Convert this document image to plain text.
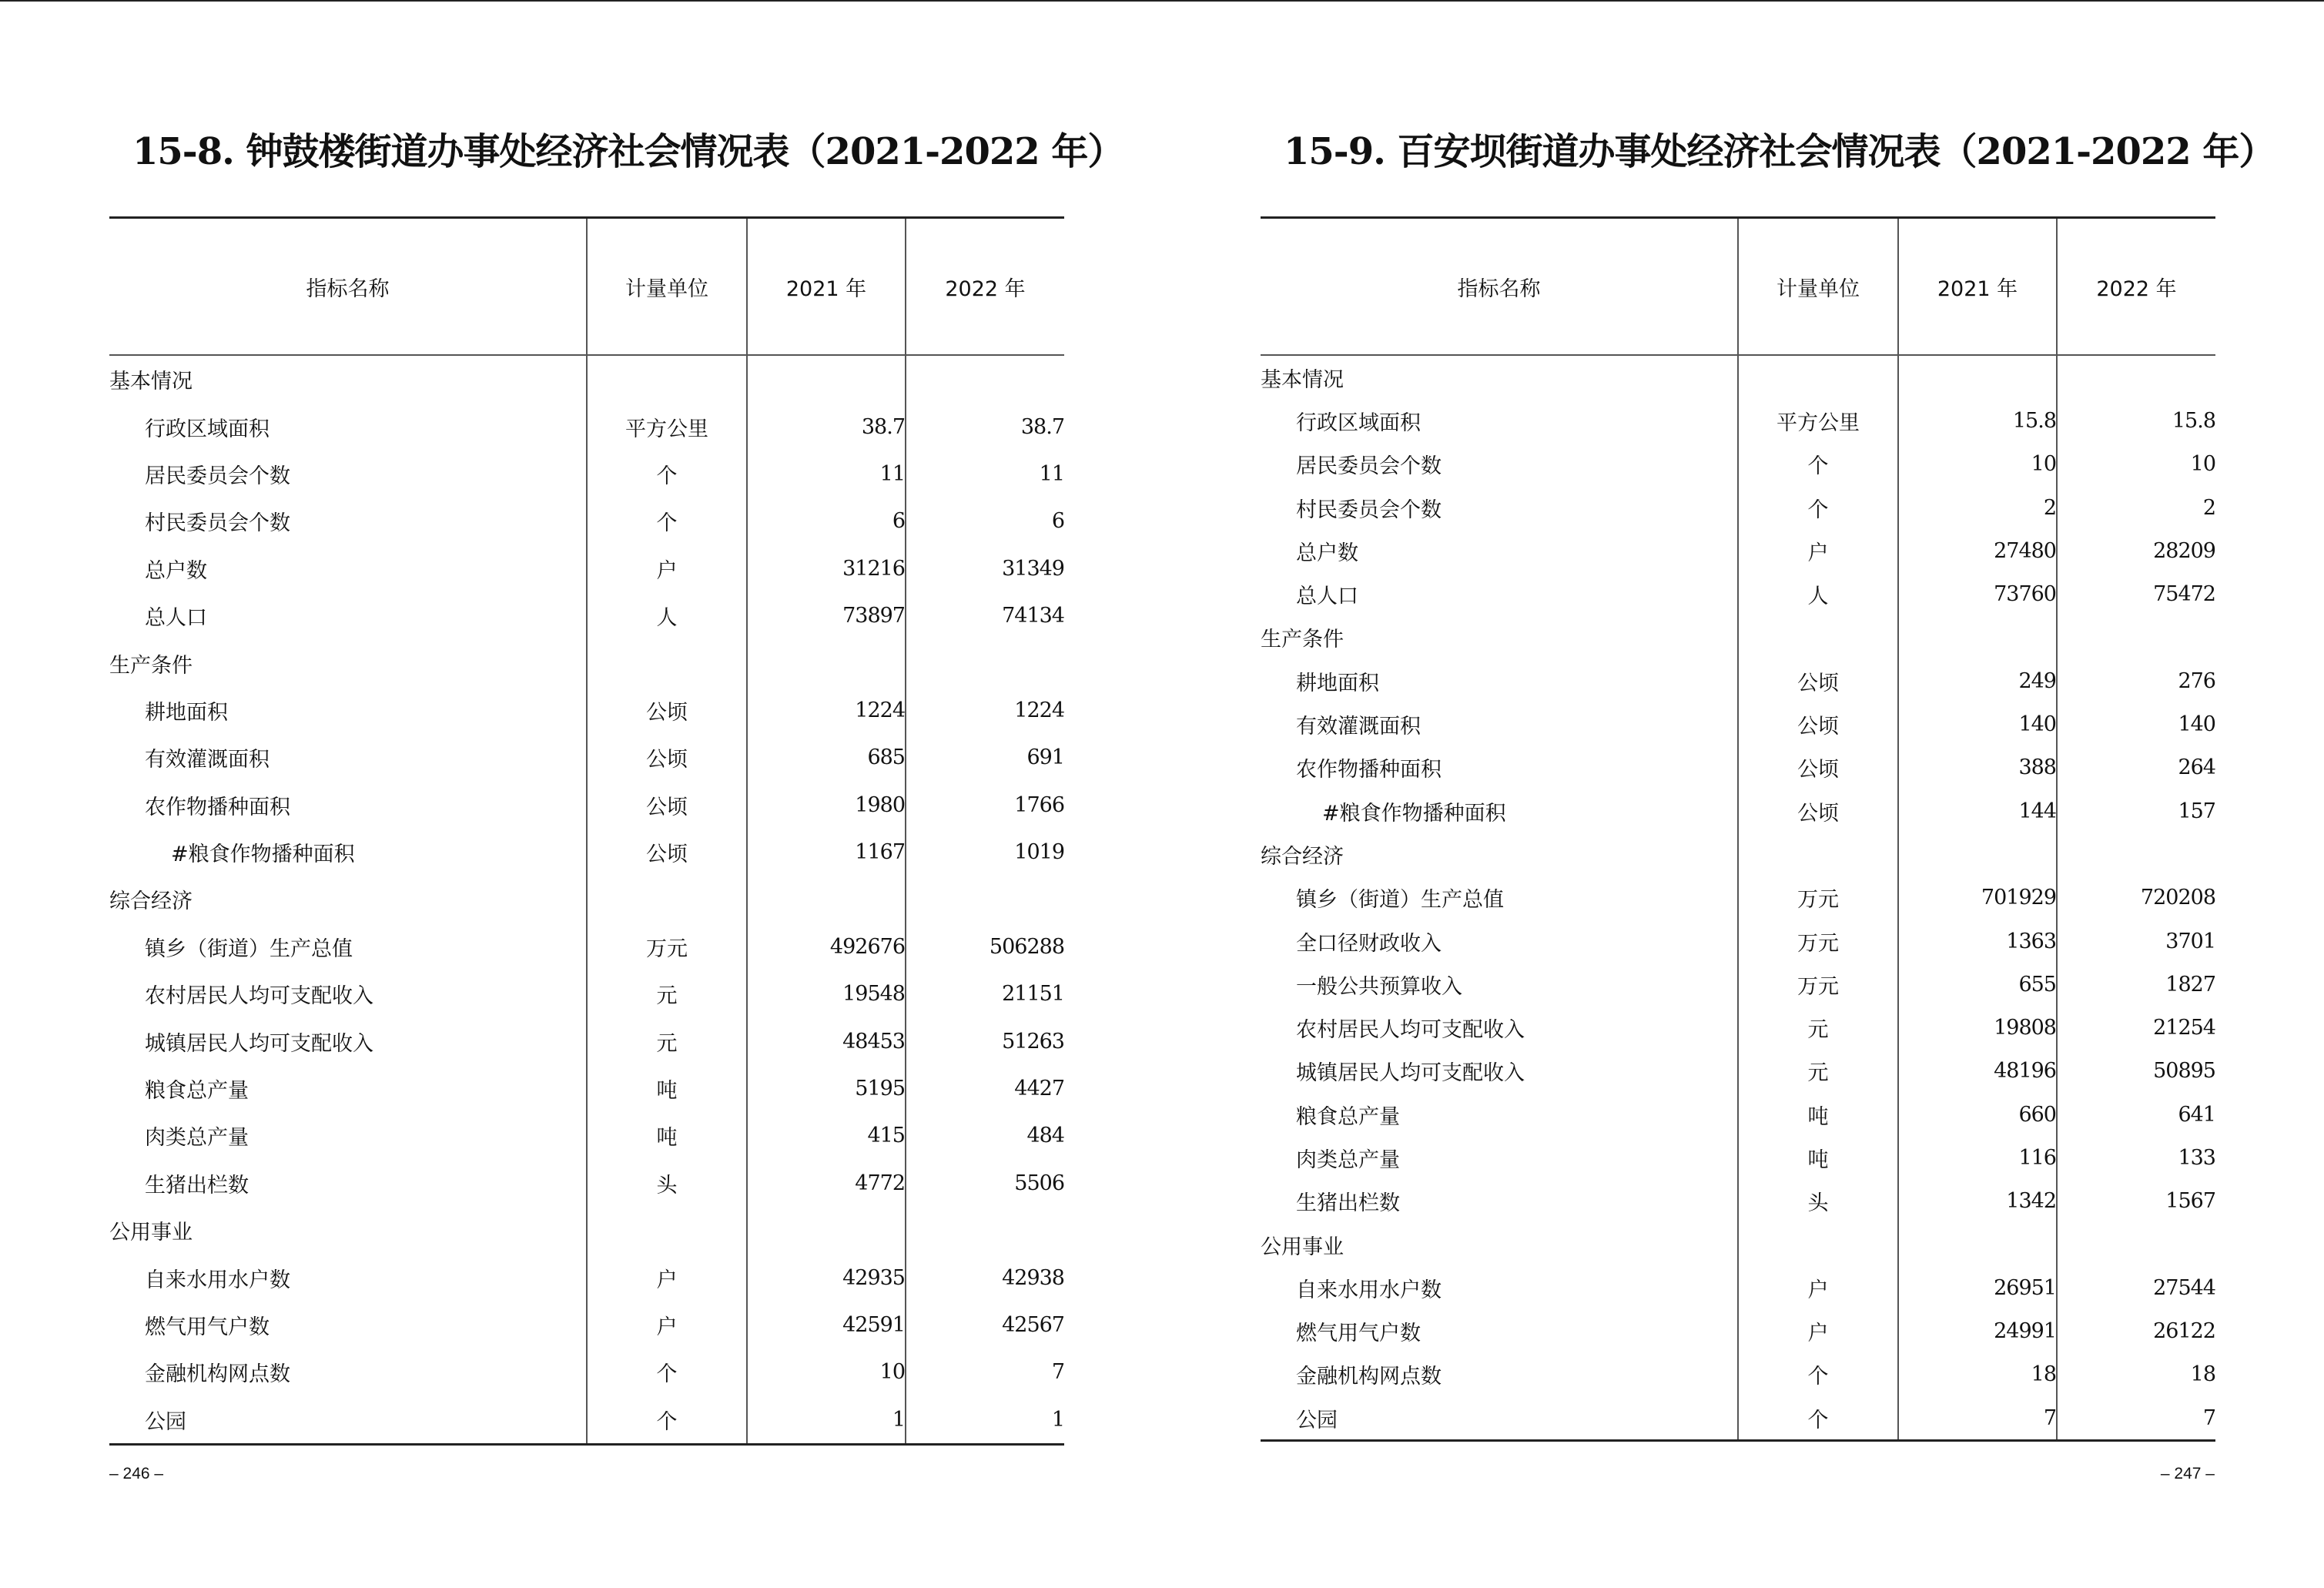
15-8. 钟鼓楼街道办事处经济社会情况表（2021-2022 年）
指标名称	计量单位	2021 年	2022 年
基本情况			
行政区域面积	平方公里	38.7	38.7
居民委员会个数	个	11	11
村民委员会个数	个	6	6
总户数	户	31216	31349
总人口	人	73897	74134
生产条件			
耕地面积	公顷	1224	1224
有效灌溉面积	公顷	685	691
农作物播种面积	公顷	1980	1766
#粮食作物播种面积	公顷	1167	1019
综合经济			
镇乡（街道）生产总值	万元	492676	506288
农村居民人均可支配收入	元	19548	21151
城镇居民人均可支配收入	元	48453	51263
粮食总产量	吨	5195	4427
肉类总产量	吨	415	484
生猪出栏数	头	4772	5506
公用事业			
自来水用水户数	户	42935	42938
燃气用气户数	户	42591	42567
金融机构网点数	个	10	7
公园	个	1	1
– 246 –
15-9. 百安坝街道办事处经济社会情况表（2021-2022 年）
指标名称	计量单位	2021 年	2022 年
基本情况			
行政区域面积	平方公里	15.8	15.8
居民委员会个数	个	10	10
村民委员会个数	个	2	2
总户数	户	27480	28209
总人口	人	73760	75472
生产条件			
耕地面积	公顷	249	276
有效灌溉面积	公顷	140	140
农作物播种面积	公顷	388	264
#粮食作物播种面积	公顷	144	157
综合经济			
镇乡（街道）生产总值	万元	701929	720208
全口径财政收入	万元	1363	3701
一般公共预算收入	万元	655	1827
农村居民人均可支配收入	元	19808	21254
城镇居民人均可支配收入	元	48196	50895
粮食总产量	吨	660	641
肉类总产量	吨	116	133
生猪出栏数	头	1342	1567
公用事业			
自来水用水户数	户	26951	27544
燃气用气户数	户	24991	26122
金融机构网点数	个	18	18
公园	个	7	7
– 247 –
